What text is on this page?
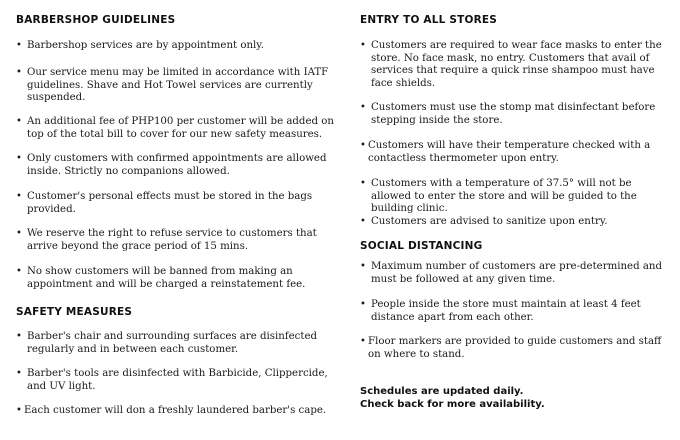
BARBERSHOP GUIDELINES
• Barbershop services are by appointment only.
• Our service menu may be limited in accordance with IATF guidelines. Shave and Hot Towel services are currently suspended.
• An additional fee of PHP100 per customer will be added on top of the total bill to cover for our new safety measures.
• Only customers with confirmed appointments are allowed inside. Strictly no companions allowed.
• Customer's personal effects must be stored in the bags provided.
• We reserve the right to refuse service to customers that arrive beyond the grace period of 15 mins.
• No show customers will be banned from making an appointment and will be charged a reinstatement fee.
SAFETY MEASURES
• Barber's chair and surrounding surfaces are disinfected regularly and in between each customer.
• Barber's tools are disinfected with Barbicide, Clippercide, and UV light.
• Each customer will don a freshly laundered barber's cape.
ENTRY TO ALL STORES
• Customers are required to wear face masks to enter the store. No face mask, no entry. Customers that avail of services that require a quick rinse shampoo must have face shields.
• Customers must use the stomp mat disinfectant before stepping inside the store.
• Customers will have their temperature checked with a contactless thermometer upon entry.
• Customers with a temperature of 37.5° will not be allowed to enter the store and will be guided to the building clinic.
• Customers are advised to sanitize upon entry.
SOCIAL DISTANCING
• Maximum number of customers are pre-determined and must be followed at any given time.
• People inside the store must maintain at least 4 feet distance apart from each other.
• Floor markers are provided to guide customers and staff on where to stand.
Schedules are updated daily.
Check back for more availability.
